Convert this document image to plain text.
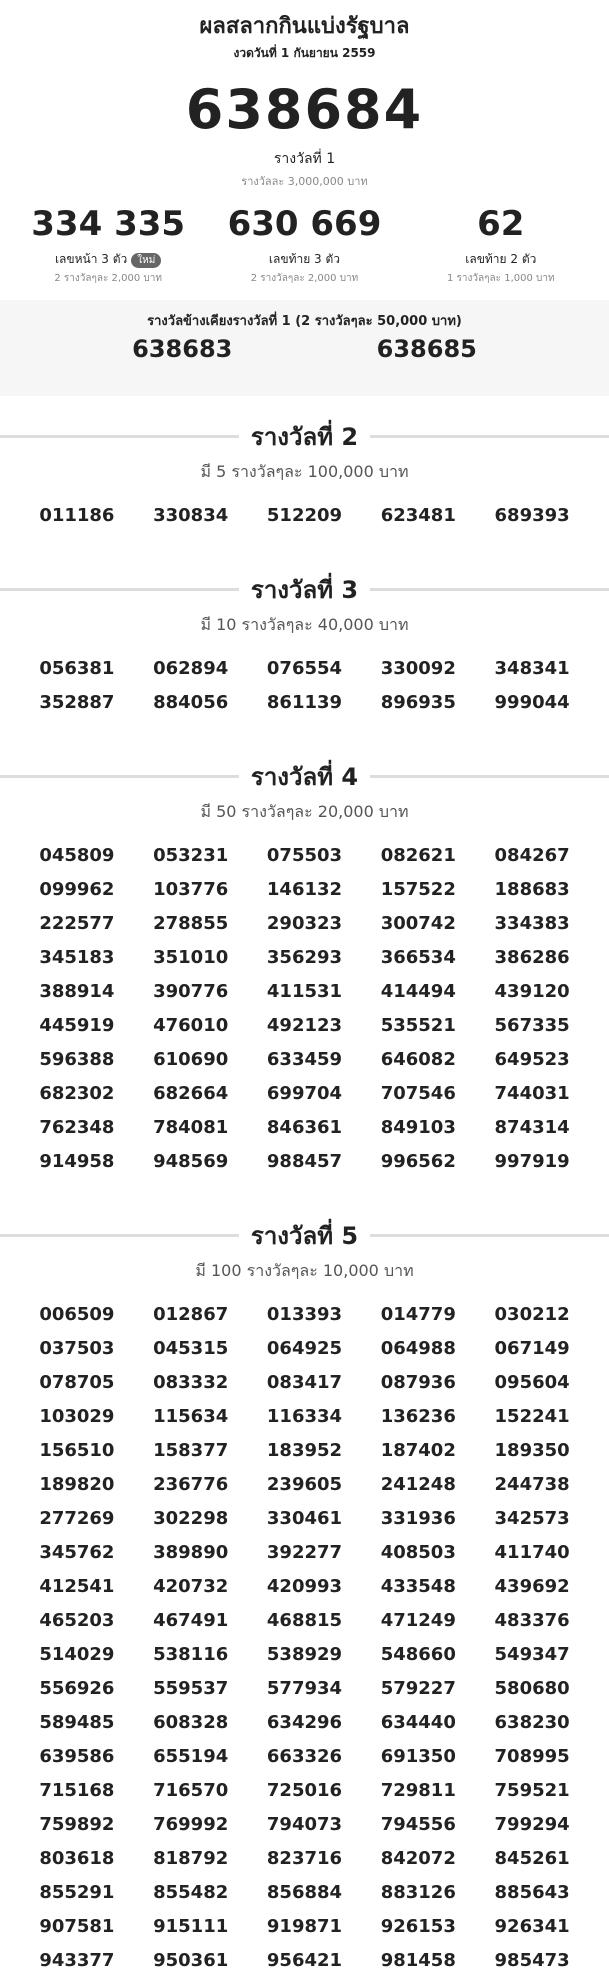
ผลสลากกินแบ่งรัฐบาล
งวดวันที่ 1 กันยายน 2559
638684
รางวัลที่ 1
รางวัลละ 3,000,000 บาท
334 335
เลขหน้า 3 ตัว ใหม่
2 รางวัลๆละ 2,000 บาท
630 669
เลขท้าย 3 ตัว
2 รางวัลๆละ 2,000 บาท
62
เลขท้าย 2 ตัว
1 รางวัลๆละ 1,000 บาท
รางวัลข้างเคียงรางวัลที่ 1 (2 รางวัลๆละ 50,000 บาท)
638683	638685
รางวัลที่ 2
มี 5 รางวัลๆละ 100,000 บาท
011186	330834	512209	623481	689393
รางวัลที่ 3
มี 10 รางวัลๆละ 40,000 บาท
056381	062894	076554	330092	348341
352887	884056	861139	896935	999044
รางวัลที่ 4
มี 50 รางวัลๆละ 20,000 บาท
045809	053231	075503	082621	084267
099962	103776	146132	157522	188683
222577	278855	290323	300742	334383
345183	351010	356293	366534	386286
388914	390776	411531	414494	439120
445919	476010	492123	535521	567335
596388	610690	633459	646082	649523
682302	682664	699704	707546	744031
762348	784081	846361	849103	874314
914958	948569	988457	996562	997919
รางวัลที่ 5
มี 100 รางวัลๆละ 10,000 บาท
006509	012867	013393	014779	030212
037503	045315	064925	064988	067149
078705	083332	083417	087936	095604
103029	115634	116334	136236	152241
156510	158377	183952	187402	189350
189820	236776	239605	241248	244738
277269	302298	330461	331936	342573
345762	389890	392277	408503	411740
412541	420732	420993	433548	439692
465203	467491	468815	471249	483376
514029	538116	538929	548660	549347
556926	559537	577934	579227	580680
589485	608328	634296	634440	638230
639586	655194	663326	691350	708995
715168	716570	725016	729811	759521
759892	769992	794073	794556	799294
803618	818792	823716	842072	845261
855291	855482	856884	883126	885643
907581	915111	919871	926153	926341
943377	950361	956421	981458	985473
